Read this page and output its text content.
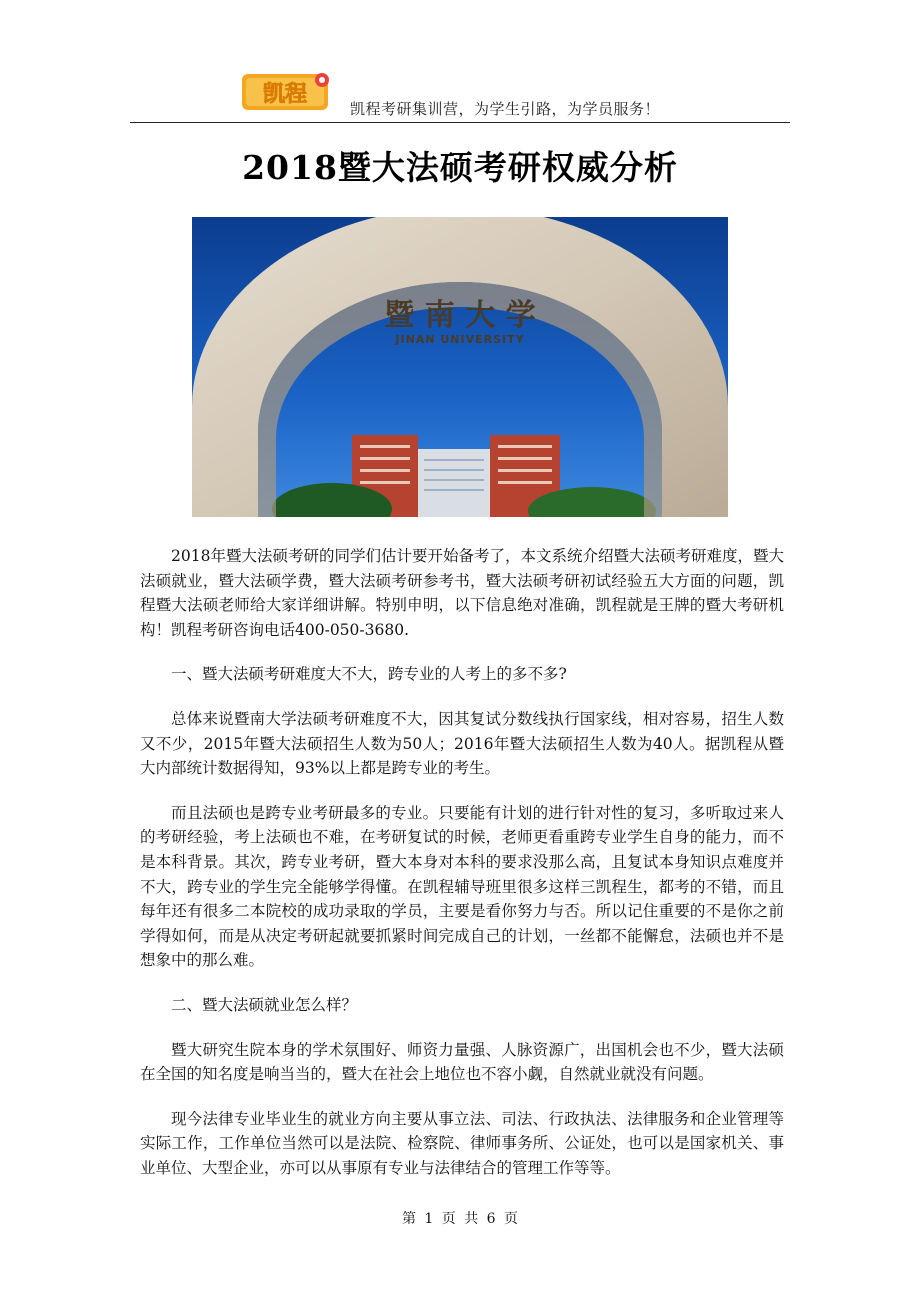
凯程
凯程考研集训营，为学生引路，为学员服务！
2018暨大法硕考研权威分析
暨 南 大 学
JINAN UNIVERSITY

2018年暨大法硕考研的同学们估计要开始备考了，本文系统介绍暨大法硕考研难度，暨大法硕就业，暨大法硕学费，暨大法硕考研参考书，暨大法硕考研初试经验五大方面的问题，凯程暨大法硕老师给大家详细讲解。特别申明，以下信息绝对准确，凯程就是王牌的暨大考研机构！凯程考研咨询电话400-050-3680.

一、暨大法硕考研难度大不大，跨专业的人考上的多不多?

总体来说暨南大学法硕考研难度不大，因其复试分数线执行国家线，相对容易，招生人数又不少，2015年暨大法硕招生人数为50人；2016年暨大法硕招生人数为40人。据凯程从暨大内部统计数据得知，93%以上都是跨专业的考生。

而且法硕也是跨专业考研最多的专业。只要能有计划的进行针对性的复习，多听取过来人的考研经验，考上法硕也不难，在考研复试的时候，老师更看重跨专业学生自身的能力，而不是本科背景。其次，跨专业考研，暨大本身对本科的要求没那么高，且复试本身知识点难度并不大，跨专业的学生完全能够学得懂。在凯程辅导班里很多这样三凯程生，都考的不错，而且每年还有很多二本院校的成功录取的学员，主要是看你努力与否。所以记住重要的不是你之前学得如何，而是从决定考研起就要抓紧时间完成自己的计划，一丝都不能懈怠，法硕也并不是想象中的那么难。

二、暨大法硕就业怎么样？

暨大研究生院本身的学术氛围好、师资力量强、人脉资源广，出国机会也不少，暨大法硕在全国的知名度是响当当的，暨大在社会上地位也不容小觑，自然就业就没有问题。

现今法律专业毕业生的就业方向主要从事立法、司法、行政执法、法律服务和企业管理等实际工作，工作单位当然可以是法院、检察院、律师事务所、公证处，也可以是国家机关、事业单位、大型企业，亦可以从事原有专业与法律结合的管理工作等等。

第 1 页 共 6 页
